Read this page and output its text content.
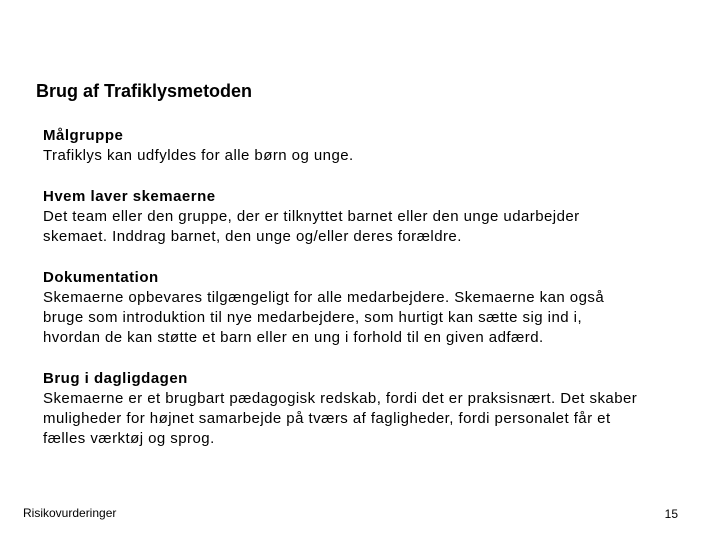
Brug af Trafiklysmetoden
Målgruppe
Trafiklys kan udfyldes for alle børn og unge.
Hvem laver skemaerne
Det team eller den gruppe, der er tilknyttet barnet eller den unge udarbejder
skemaet. Inddrag barnet, den unge og/eller deres forældre.
Dokumentation
Skemaerne opbevares tilgængeligt for alle medarbejdere. Skemaerne kan også
bruge som introduktion til nye medarbejdere, som hurtigt kan sætte sig ind i,
hvordan de kan støtte et barn eller en ung i forhold til en given adfærd.
Brug i dagligdagen
Skemaerne er et brugbart pædagogisk redskab, fordi det er praksisnært. Det skaber
muligheder for højnet samarbejde på tværs af fagligheder, fordi personalet får et
fælles værktøj og sprog.
Risikovurderinger	15
